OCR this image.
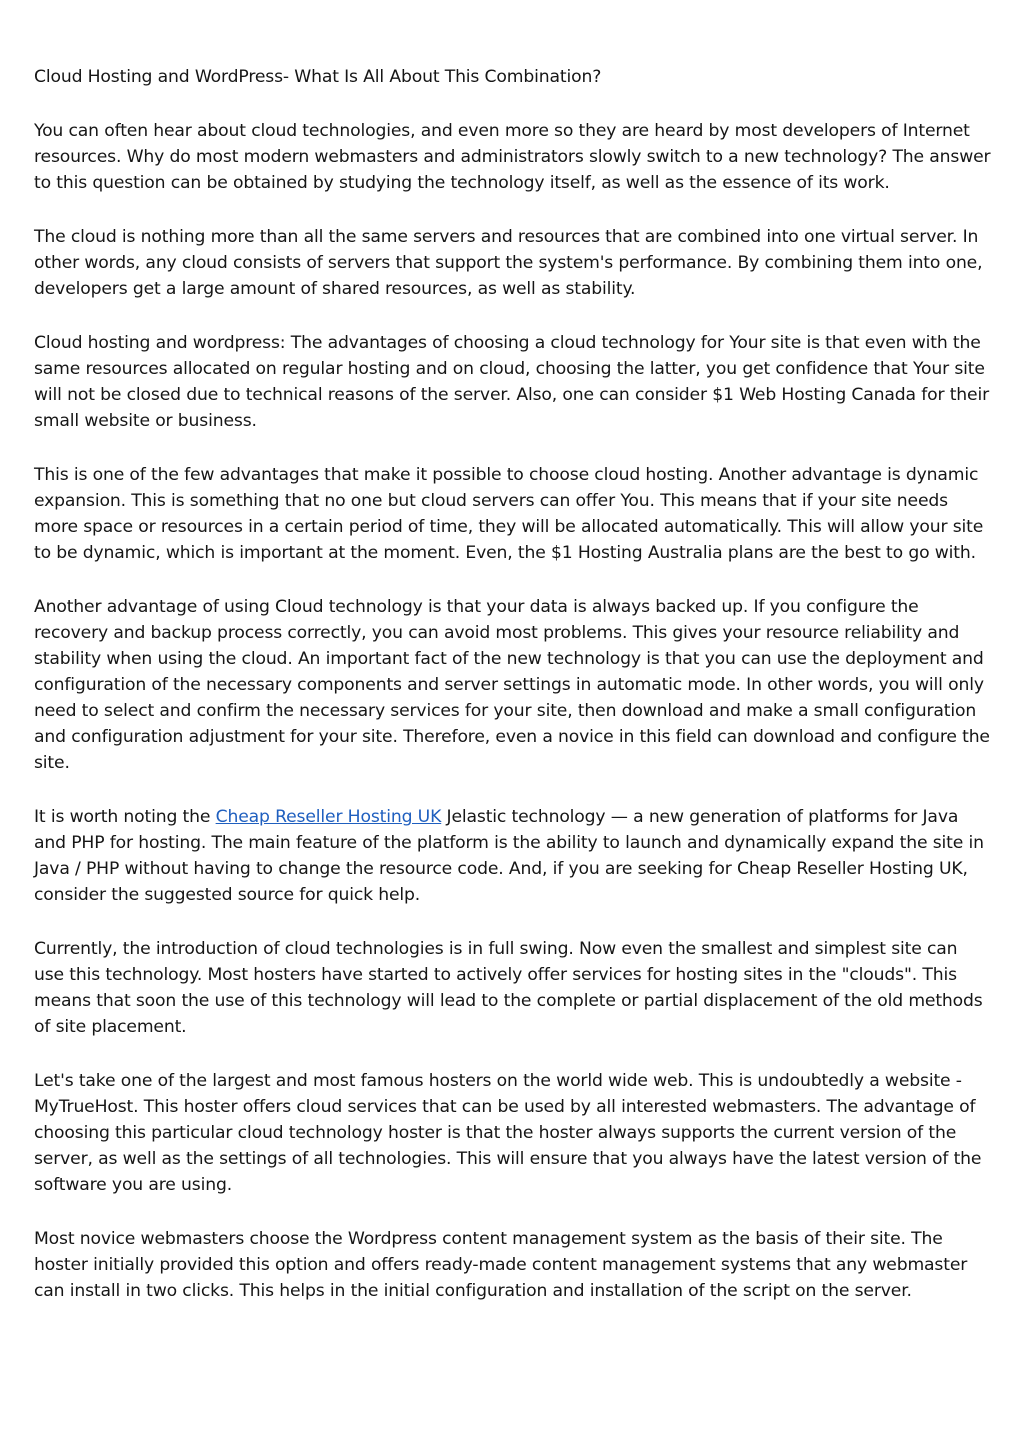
Cloud Hosting and WordPress- What Is All About This Combination?

You can often hear about cloud technologies, and even more so they are heard by most developers of Internet resources. Why do most modern webmasters and administrators slowly switch to a new technology? The answer to this question can be obtained by studying the technology itself, as well as the essence of its work.

The cloud is nothing more than all the same servers and resources that are combined into one virtual server. In other words, any cloud consists of servers that support the system's performance. By combining them into one, developers get a large amount of shared resources, as well as stability.

Cloud hosting and wordpress: The advantages of choosing a cloud technology for Your site is that even with the same resources allocated on regular hosting and on cloud, choosing the latter, you get confidence that Your site will not be closed due to technical reasons of the server. Also, one can consider $1 Web Hosting Canada for their small website or business.

This is one of the few advantages that make it possible to choose cloud hosting. Another advantage is dynamic expansion. This is something that no one but cloud servers can offer You. This means that if your site needs more space or resources in a certain period of time, they will be allocated automatically. This will allow your site to be dynamic, which is important at the moment. Even, the $1 Hosting Australia plans are the best to go with.

Another advantage of using Cloud technology is that your data is always backed up. If you configure the recovery and backup process correctly, you can avoid most problems. This gives your resource reliability and stability when using the cloud. An important fact of the new technology is that you can use the deployment and configuration of the necessary components and server settings in automatic mode. In other words, you will only need to select and confirm the necessary services for your site, then download and make a small configuration and configuration adjustment for your site. Therefore, even a novice in this field can download and configure the site.

It is worth noting the Cheap Reseller Hosting UK Jelastic technology — a new generation of platforms for Java and PHP for hosting. The main feature of the platform is the ability to launch and dynamically expand the site in Java / PHP without having to change the resource code. And, if you are seeking for Cheap Reseller Hosting UK, consider the suggested source for quick help.

Currently, the introduction of cloud technologies is in full swing. Now even the smallest and simplest site can use this technology. Most hosters have started to actively offer services for hosting sites in the "clouds". This means that soon the use of this technology will lead to the complete or partial displacement of the old methods of site placement.

Let's take one of the largest and most famous hosters on the world wide web. This is undoubtedly a website - MyTrueHost. This hoster offers cloud services that can be used by all interested webmasters. The advantage of choosing this particular cloud technology hoster is that the hoster always supports the current version of the server, as well as the settings of all technologies. This will ensure that you always have the latest version of the software you are using.

Most novice webmasters choose the Wordpress content management system as the basis of their site. The hoster initially provided this option and offers ready-made content management systems that any webmaster can install in two clicks. This helps in the initial configuration and installation of the script on the server.
